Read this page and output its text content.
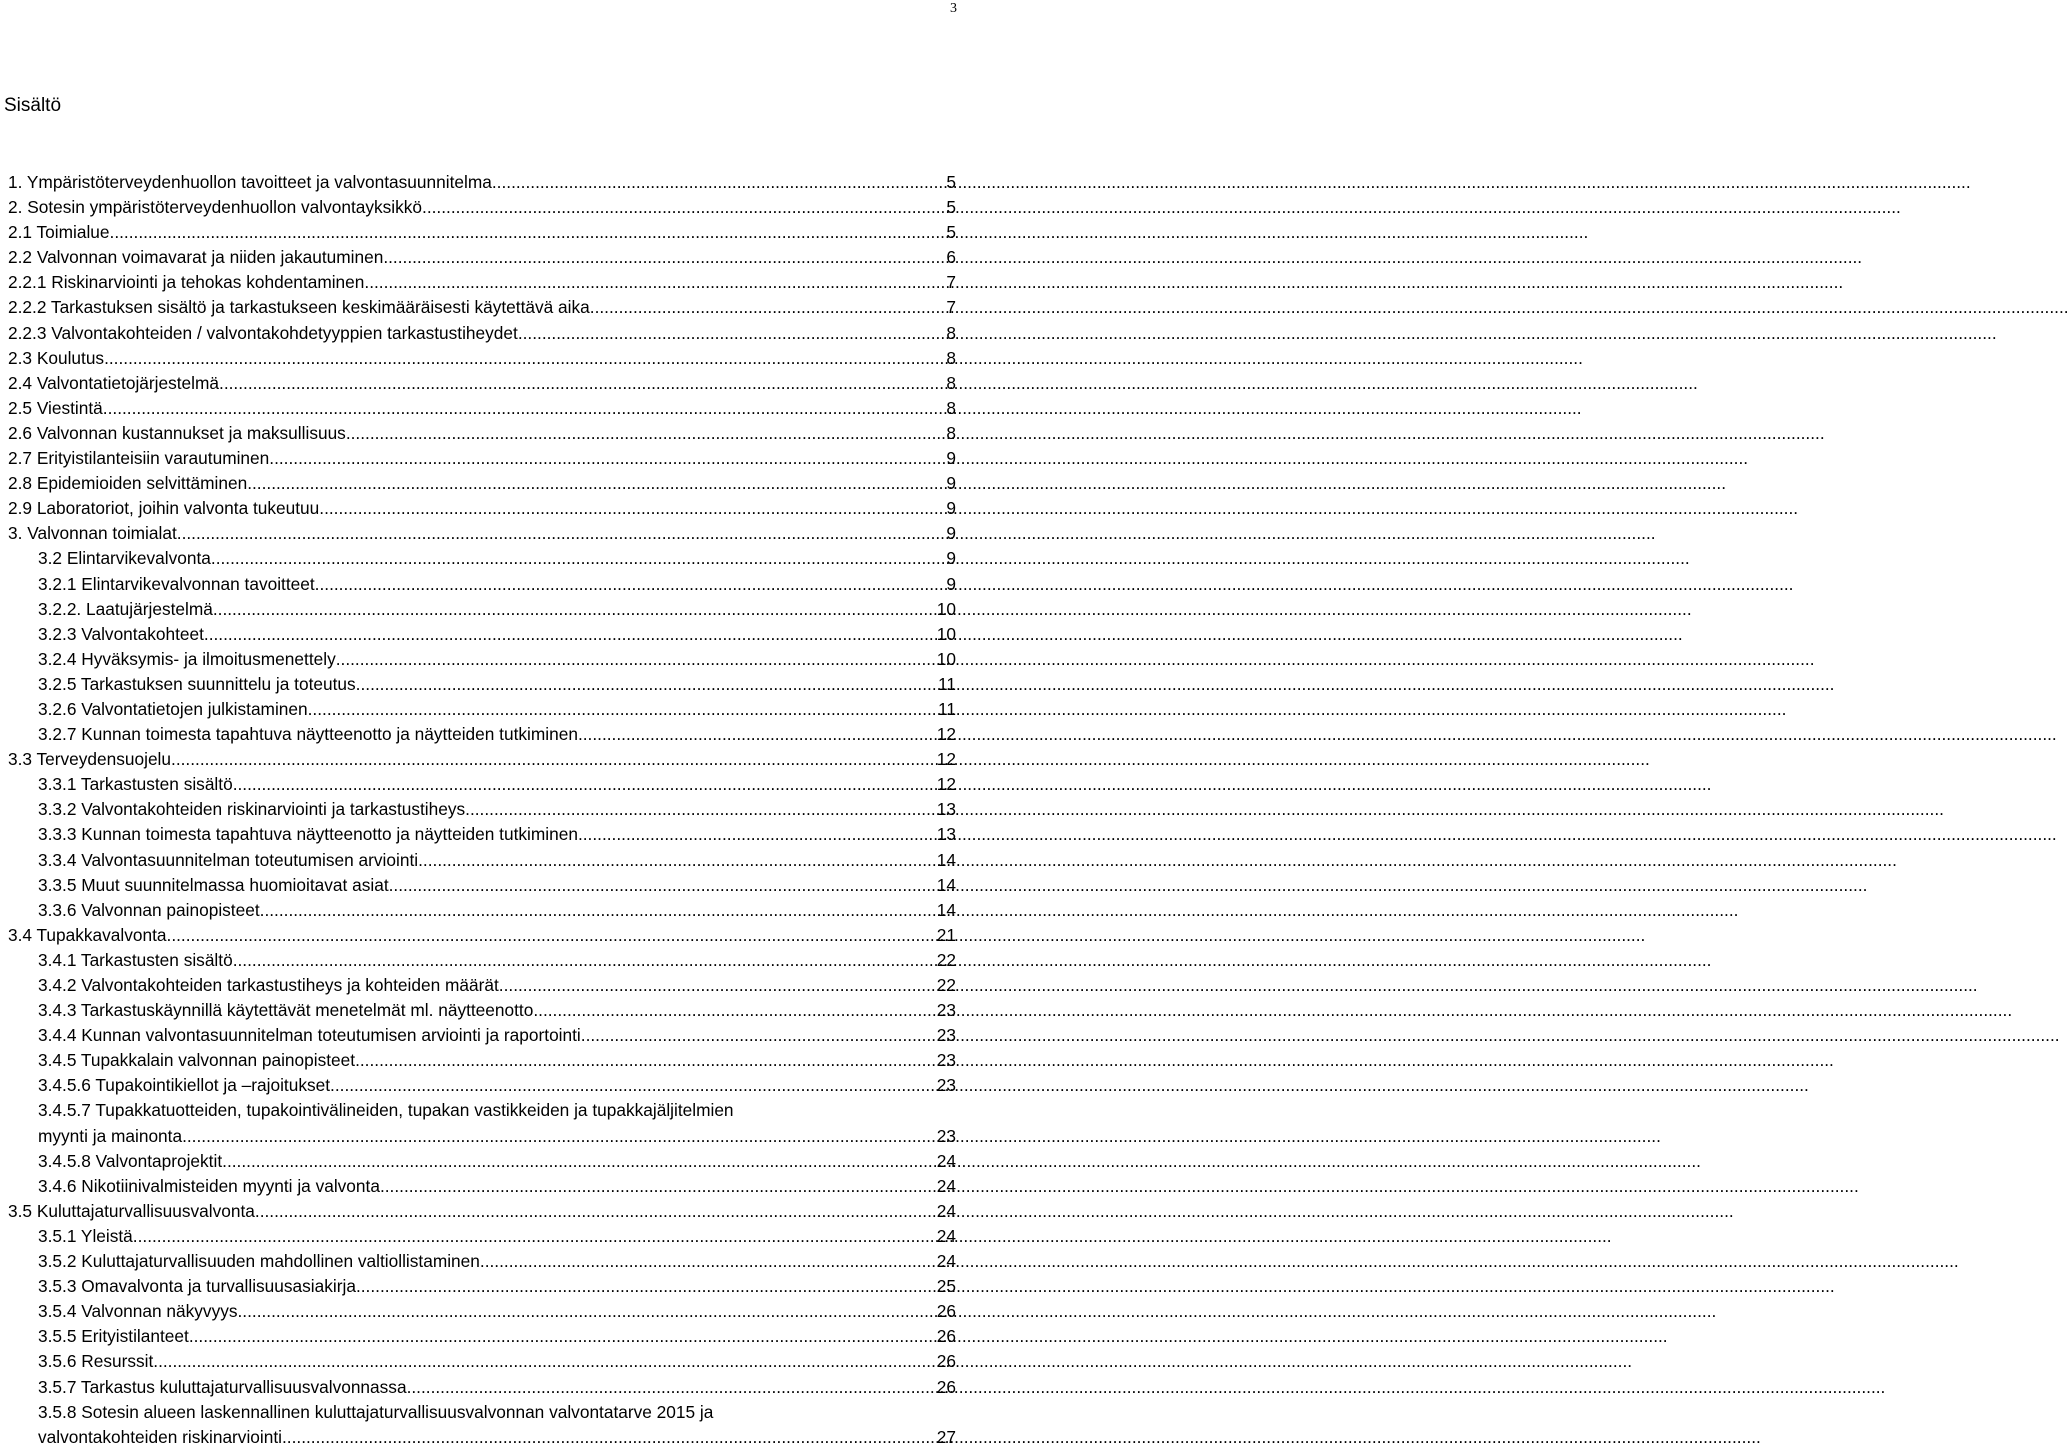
3
Sisältö
1. Ympäristöterveydenhuollon tavoitteet ja valvontasuunnitelma .....	5
2. Sotesin ympäristöterveydenhuollon valvontayksikkö .....	5
2.1 Toimialue .....	5
2.2 Valvonnan voimavarat ja niiden jakautuminen .....	6
2.2.1 Riskinarviointi ja tehokas kohdentaminen .....	7
2.2.2 Tarkastuksen sisältö ja tarkastukseen keskimääräisesti käytettävä aika .....	7
2.2.3 Valvontakohteiden / valvontakohdetyyppien tarkastustiheydet .....	8
2.3 Koulutus .....	8
2.4 Valvontatietojärjestelmä .....	8
2.5 Viestintä .....	8
2.6 Valvonnan kustannukset ja maksullisuus .....	8
2.7 Erityistilanteisiin varautuminen .....	9
2.8 Epidemioiden selvittäminen .....	9
2.9 Laboratoriot, joihin valvonta tukeutuu .....	9
3. Valvonnan toimialat .....	9
3.2 Elintarvikevalvonta .....	9
3.2.1 Elintarvikevalvonnan tavoitteet .....	9
3.2.2. Laatujärjestelmä .....	10
3.2.3 Valvontakohteet .....	10
3.2.4 Hyväksymis- ja ilmoitusmenettely .....	10
3.2.5 Tarkastuksen suunnittelu ja toteutus .....	11
3.2.6 Valvontatietojen julkistaminen .....	11
3.2.7 Kunnan toimesta tapahtuva näytteenotto ja näytteiden tutkiminen .....	12
3.3 Terveydensuojelu .....	12
3.3.1 Tarkastusten sisältö .....	12
3.3.2 Valvontakohteiden riskinarviointi ja tarkastustiheys .....	13
3.3.3 Kunnan toimesta tapahtuva näytteenotto ja näytteiden tutkiminen .....	13
3.3.4 Valvontasuunnitelman toteutumisen arviointi .....	14
3.3.5 Muut suunnitelmassa huomioitavat asiat .....	14
3.3.6 Valvonnan painopisteet .....	14
3.4 Tupakkavalvonta .....	21
3.4.1 Tarkastusten sisältö .....	22
3.4.2 Valvontakohteiden tarkastustiheys ja kohteiden määrät .....	22
3.4.3 Tarkastuskäynnillä käytettävät menetelmät ml. näytteenotto .....	23
3.4.4 Kunnan valvontasuunnitelman toteutumisen arviointi ja raportointi .....	23
3.4.5 Tupakkalain valvonnan painopisteet .....	23
3.4.5.6 Tupakointikiellot ja –rajoitukset .....	23
3.4.5.7 Tupakkatuotteiden, tupakointivälineiden, tupakan vastikkeiden ja tupakkajäljitelmien
myynti ja mainonta .....	23
3.4.5.8 Valvontaprojektit .....	24
3.4.6 Nikotiinivalmisteiden myynti ja valvonta .....	24
3.5 Kuluttajaturvallisuusvalvonta .....	24
3.5.1 Yleistä .....	24
3.5.2 Kuluttajaturvallisuuden mahdollinen valtiollistaminen .....	24
3.5.3 Omavalvonta ja turvallisuusasiakirja .....	25
3.5.4 Valvonnan näkyvyys .....	26
3.5.5 Erityistilanteet .....	26
3.5.6 Resurssit .....	26
3.5.7 Tarkastus kuluttajaturvallisuusvalvonnassa .....	26
3.5.8 Sotesin alueen laskennallinen kuluttajaturvallisuusvalvonnan valvontatarve 2015 ja
valvontakohteiden riskinarviointi .....	27
